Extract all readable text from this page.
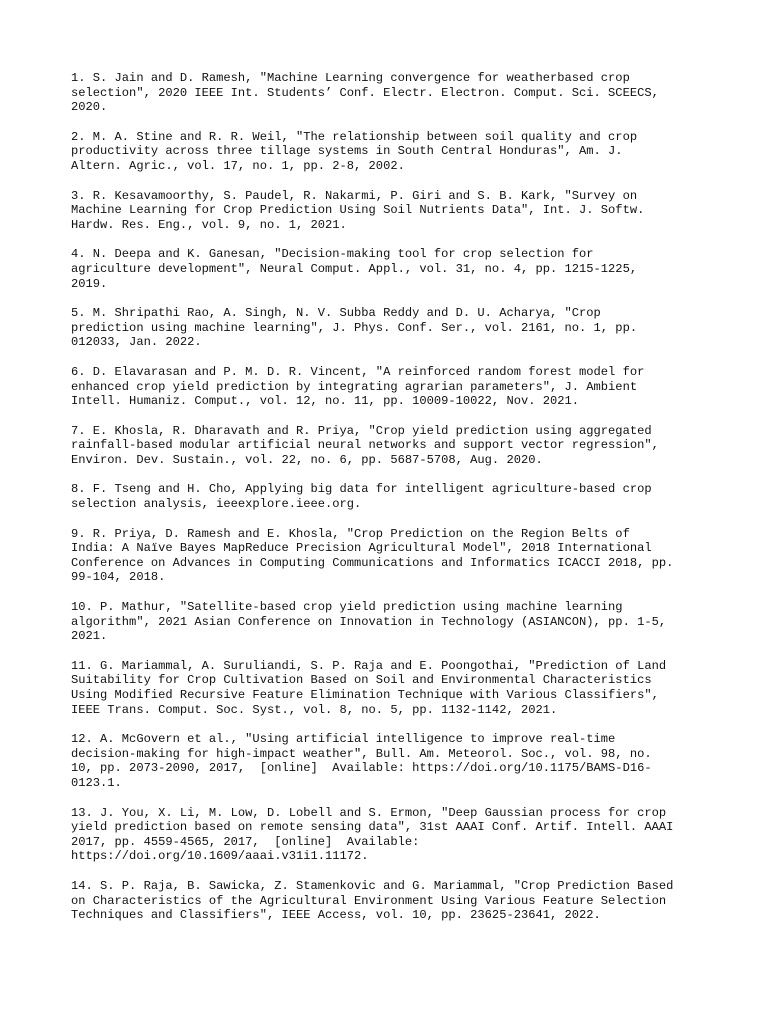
1. S. Jain and D. Ramesh, "Machine Learning convergence for weatherbased crop
selection", 2020 IEEE Int. Students’ Conf. Electr. Electron. Comput. Sci. SCEECS,
2020.
2. M. A. Stine and R. R. Weil, "The relationship between soil quality and crop
productivity across three tillage systems in South Central Honduras", Am. J.
Altern. Agric., vol. 17, no. 1, pp. 2-8, 2002.
3. R. Kesavamoorthy, S. Paudel, R. Nakarmi, P. Giri and S. B. Kark, "Survey on
Machine Learning for Crop Prediction Using Soil Nutrients Data", Int. J. Softw.
Hardw. Res. Eng., vol. 9, no. 1, 2021.
4. N. Deepa and K. Ganesan, "Decision-making tool for crop selection for
agriculture development", Neural Comput. Appl., vol. 31, no. 4, pp. 1215-1225,
2019.
5. M. Shripathi Rao, A. Singh, N. V. Subba Reddy and D. U. Acharya, "Crop
prediction using machine learning", J. Phys. Conf. Ser., vol. 2161, no. 1, pp.
012033, Jan. 2022.
6. D. Elavarasan and P. M. D. R. Vincent, "A reinforced random forest model for
enhanced crop yield prediction by integrating agrarian parameters", J. Ambient
Intell. Humaniz. Comput., vol. 12, no. 11, pp. 10009-10022, Nov. 2021.
7. E. Khosla, R. Dharavath and R. Priya, "Crop yield prediction using aggregated
rainfall-based modular artificial neural networks and support vector regression",
Environ. Dev. Sustain., vol. 22, no. 6, pp. 5687-5708, Aug. 2020.
8. F. Tseng and H. Cho, Applying big data for intelligent agriculture-based crop
selection analysis, ieeexplore.ieee.org.
9. R. Priya, D. Ramesh and E. Khosla, "Crop Prediction on the Region Belts of
India: A Naïve Bayes MapReduce Precision Agricultural Model", 2018 International
Conference on Advances in Computing Communications and Informatics ICACCI 2018, pp.
99-104, 2018.
10. P. Mathur, "Satellite-based crop yield prediction using machine learning
algorithm", 2021 Asian Conference on Innovation in Technology (ASIANCON), pp. 1-5,
2021.
11. G. Mariammal, A. Suruliandi, S. P. Raja and E. Poongothai, "Prediction of Land
Suitability for Crop Cultivation Based on Soil and Environmental Characteristics
Using Modified Recursive Feature Elimination Technique with Various Classifiers",
IEEE Trans. Comput. Soc. Syst., vol. 8, no. 5, pp. 1132-1142, 2021.
12. A. McGovern et al., "Using artificial intelligence to improve real-time
decision-making for high-impact weather", Bull. Am. Meteorol. Soc., vol. 98, no.
10, pp. 2073-2090, 2017,  [online]  Available: https://doi.org/10.1175/BAMS-D16-
0123.1.
13. J. You, X. Li, M. Low, D. Lobell and S. Ermon, "Deep Gaussian process for crop
yield prediction based on remote sensing data", 31st AAAI Conf. Artif. Intell. AAAI
2017, pp. 4559-4565, 2017,  [online]  Available:
https://doi.org/10.1609/aaai.v31i1.11172.
14. S. P. Raja, B. Sawicka, Z. Stamenkovic and G. Mariammal, "Crop Prediction Based
on Characteristics of the Agricultural Environment Using Various Feature Selection
Techniques and Classifiers", IEEE Access, vol. 10, pp. 23625-23641, 2022.
